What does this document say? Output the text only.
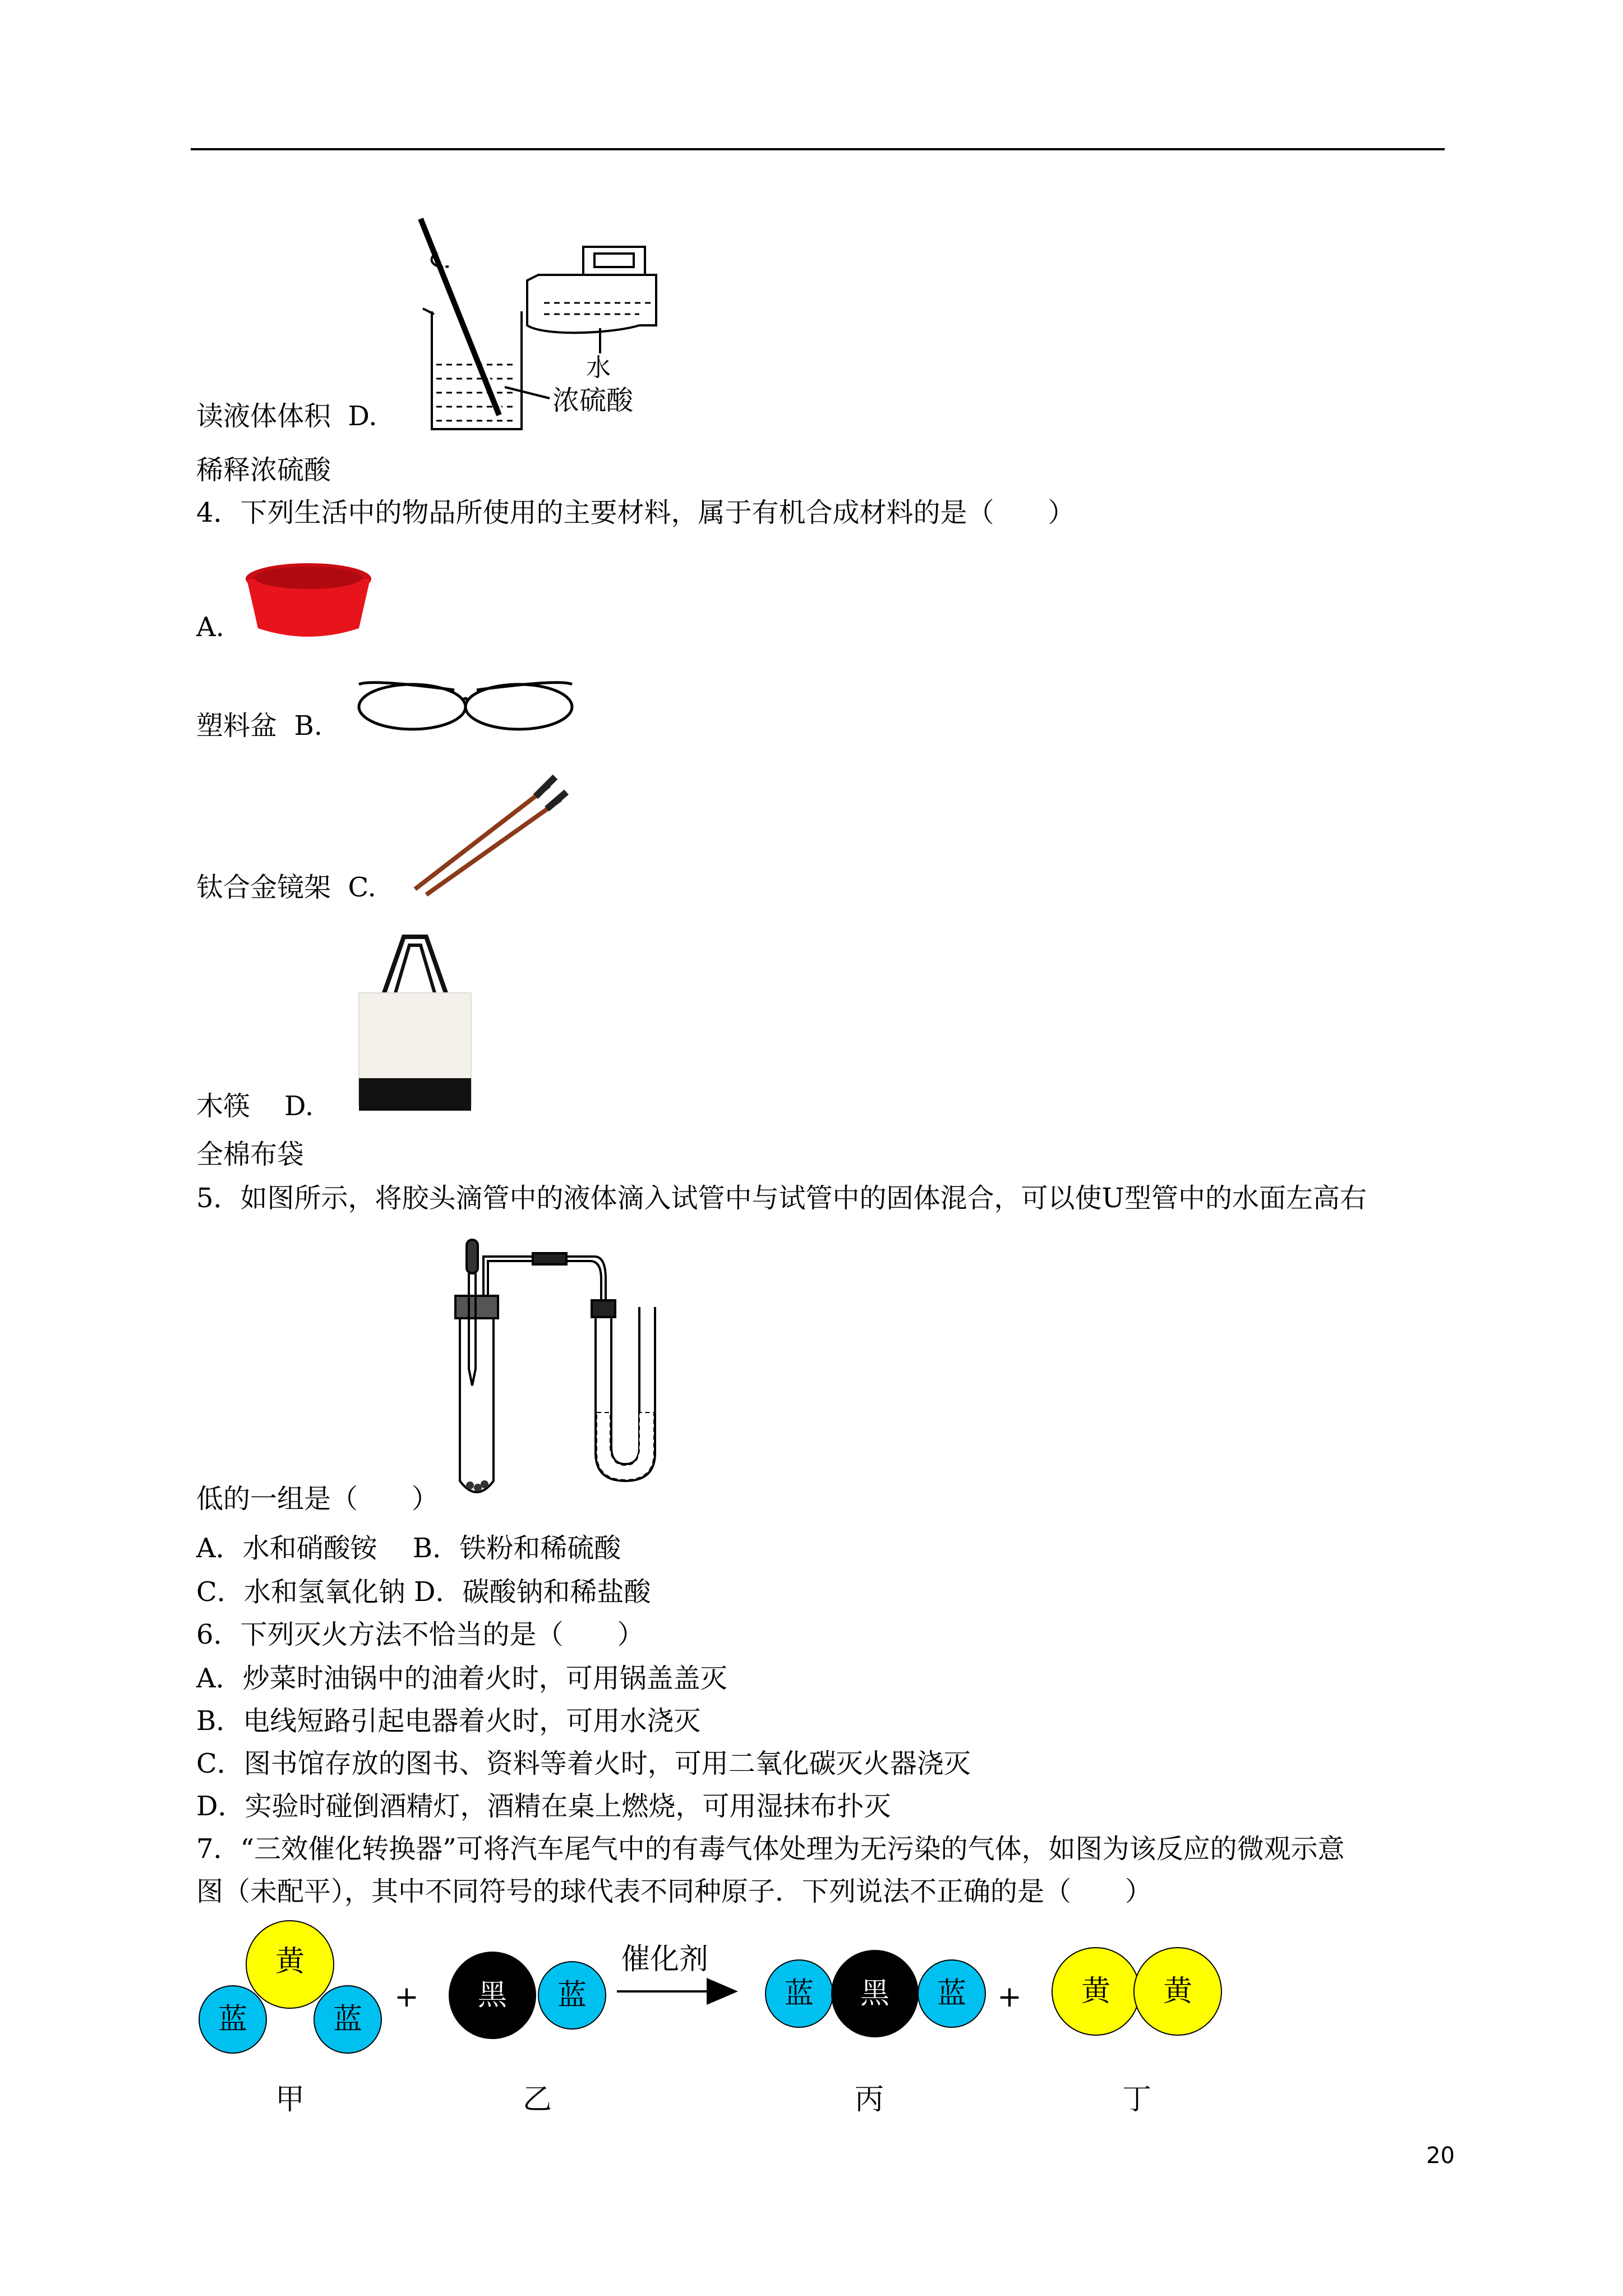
水
浓硫酸
读液体体积 D.
稀释浓硫酸
4．下列生活中的物品所使用的主要材料，属于有机合成材料的是（　　）
A.
塑料盆 B.
钛合金镜架 C.
木筷 D.
全棉布袋
5．如图所示，将胶头滴管中的液体滴入试管中与试管中的固体混合，可以使U型管中的水面左高右
低的一组是（　　）
A．水和硝酸铵　 B．铁粉和稀硫酸
C．水和氢氧化钠 D．碳酸钠和稀盐酸
6．下列灭火方法不恰当的是（　　）
A．炒菜时油锅中的油着火时，可用锅盖盖灭
B．电线短路引起电器着火时，可用水浇灭
C．图书馆存放的图书、资料等着火时，可用二氧化碳灭火器浇灭
D．实验时碰倒酒精灯，酒精在桌上燃烧，可用湿抹布扑灭
7．“三效催化转换器”可将汽车尾气中的有毒气体处理为无污染的气体，如图为该反应的微观示意
图（未配平），其中不同符号的球代表不同种原子．下列说法不正确的是（　　）
蓝	蓝
黄
+ 黑 蓝
催化剂
蓝 黑 蓝 + 黄 黄
甲	乙	丙	丁
20
